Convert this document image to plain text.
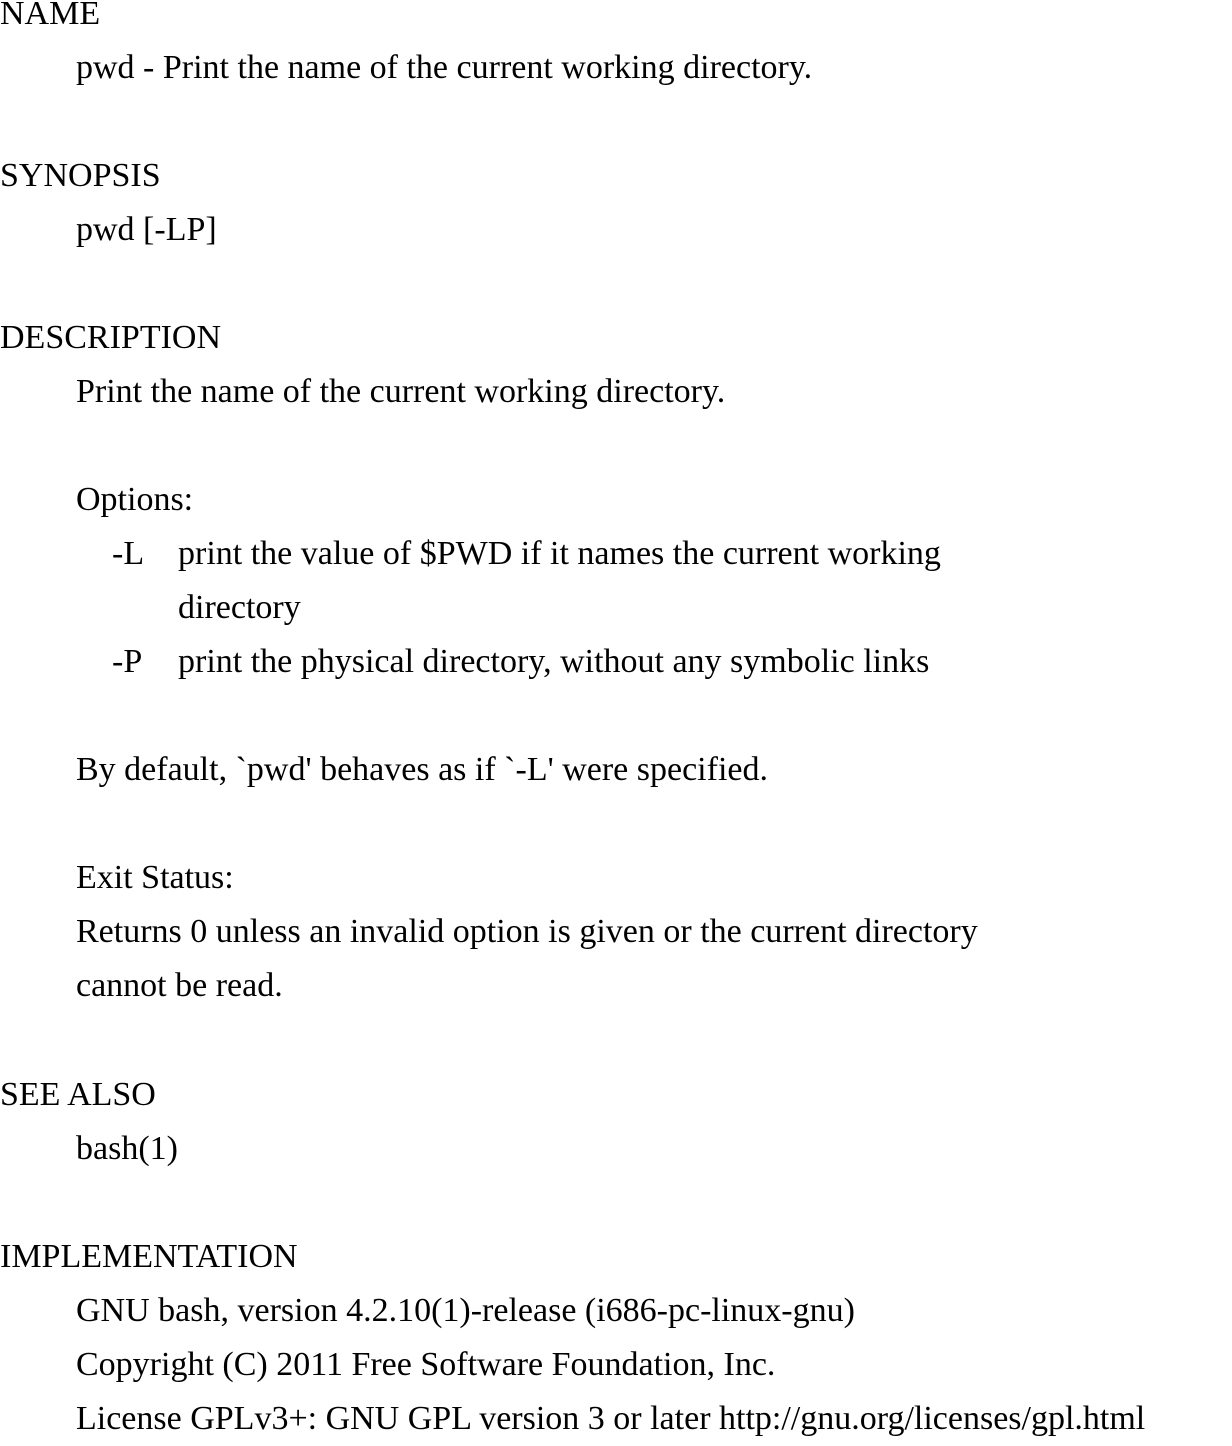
NAME
pwd - Print the name of the current working directory.
SYNOPSIS
pwd [-LP]
DESCRIPTION
Print the name of the current working directory.
Options:
-L print the value of $PWD if it names the current working
directory
-P print the physical directory, without any symbolic links
By default, `pwd' behaves as if `-L' were specified.
Exit Status:
Returns 0 unless an invalid option is given or the current directory
cannot be read.
SEE ALSO
bash(1)
IMPLEMENTATION
GNU bash, version 4.2.10(1)-release (i686-pc-linux-gnu)
Copyright (C) 2011 Free Software Foundation, Inc.
License GPLv3+: GNU GPL version 3 or later http://gnu.org/licenses/gpl.html
